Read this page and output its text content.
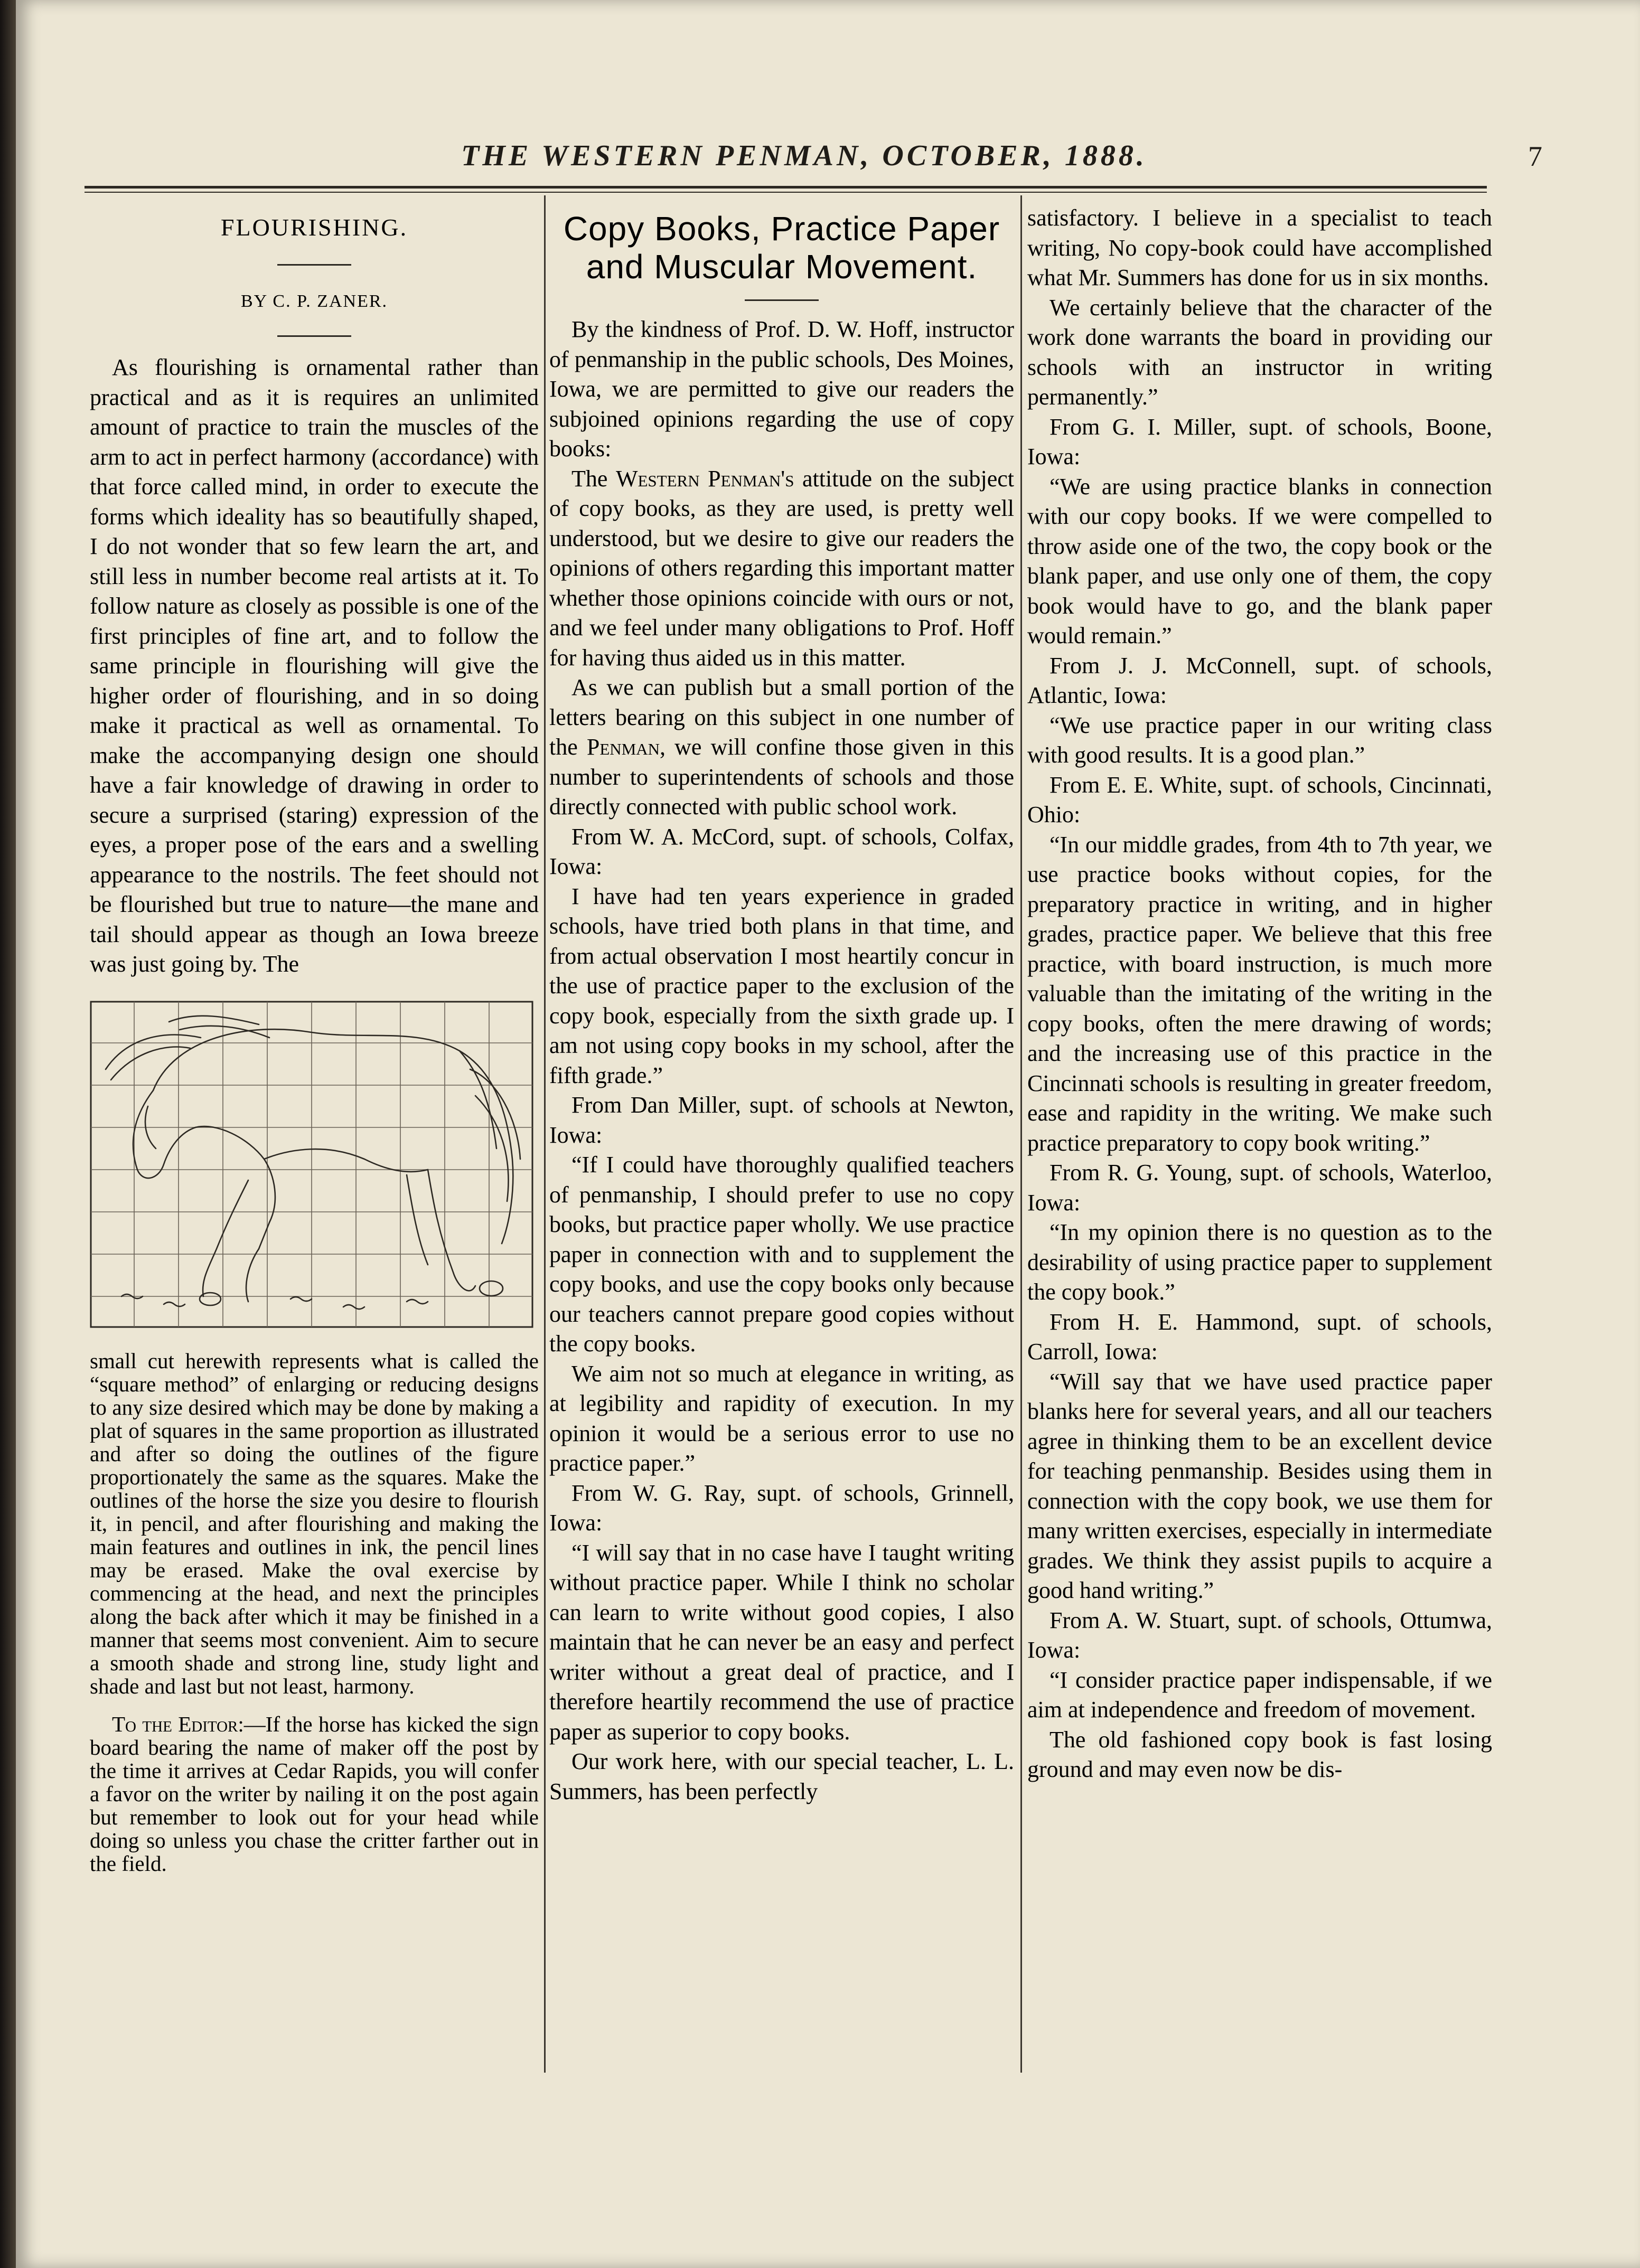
THE WESTERN PENMAN, OCTOBER, 1888.	7
FLOURISHING.
BY C. P. ZANER.

As flourishing is ornamental rather than practical and as it is requires an unlimited amount of practice to train the muscles of the arm to act in perfect harmony (accordance) with that force called mind, in order to execute the forms which ideality has so beautifully shaped, I do not wonder that so few learn the art, and still less in number become real artists at it. To follow nature as closely as possible is one of the first principles of fine art, and to follow the same principle in flourishing will give the higher order of flourishing, and in so doing make it practical as well as ornamental. To make the accompanying design one should have a fair knowledge of drawing in order to secure a surprised (staring) expression of the eyes, a proper pose of the ears and a swelling appearance to the nostrils. The feet should not be flourished but true to nature—the mane and tail should appear as though an Iowa breeze was just going by. The

small cut herewith represents what is called the “square method” of enlarging or reducing designs to any size desired which may be done by making a plat of squares in the same proportion as illustrated and after so doing the outlines of the figure proportionately the same as the squares. Make the outlines of the horse the size you desire to flourish it, in pencil, and after flourishing and making the main features and outlines in ink, the pencil lines may be erased. Make the oval exercise by commencing at the head, and next the principles along the back after which it may be finished in a manner that seems most convenient. Aim to secure a smooth shade and strong line, study light and shade and last but not least, harmony.

To the Editor:—If the horse has kicked the sign board bearing the name of maker off the post by the time it arrives at Cedar Rapids, you will confer a favor on the writer by nailing it on the post again but remember to look out for your head while doing so unless you chase the critter farther out in the field.

Copy Books, Practice Paper and Muscular Movement.

By the kindness of Prof. D. W. Hoff, instructor of penmanship in the public schools, Des Moines, Iowa, we are permitted to give our readers the subjoined opinions regarding the use of copy books:

The Western Penman's attitude on the subject of copy books, as they are used, is pretty well understood, but we desire to give our readers the opinions of others regarding this important matter whether those opinions coincide with ours or not, and we feel under many obligations to Prof. Hoff for having thus aided us in this matter.

As we can publish but a small portion of the letters bearing on this subject in one number of the Penman, we will confine those given in this number to superintendents of schools and those directly connected with public school work.

From W. A. McCord, supt. of schools, Colfax, Iowa:

I have had ten years experience in graded schools, have tried both plans in that time, and from actual observation I most heartily concur in the use of practice paper to the exclusion of the copy book, especially from the sixth grade up. I am not using copy books in my school, after the fifth grade.”

From Dan Miller, supt. of schools at Newton, Iowa:

“If I could have thoroughly qualified teachers of penmanship, I should prefer to use no copy books, but practice paper wholly. We use practice paper in connection with and to supplement the copy books, and use the copy books only because our teachers cannot prepare good copies without the copy books.

We aim not so much at elegance in writing, as at legibility and rapidity of execution. In my opinion it would be a serious error to use no practice paper.”

From W. G. Ray, supt. of schools, Grinnell, Iowa:

“I will say that in no case have I taught writing without practice paper. While I think no scholar can learn to write without good copies, I also maintain that he can never be an easy and perfect writer without a great deal of practice, and I therefore heartily recommend the use of practice paper as superior to copy books.

Our work here, with our special teacher, L. L. Summers, has been perfectly

satisfactory. I believe in a specialist to teach writing, No copy-book could have accomplished what Mr. Summers has done for us in six months.

We certainly believe that the character of the work done warrants the board in providing our schools with an instructor in writing permanently.”

From G. I. Miller, supt. of schools, Boone, Iowa:

“We are using practice blanks in connection with our copy books. If we were compelled to throw aside one of the two, the copy book or the blank paper, and use only one of them, the copy book would have to go, and the blank paper would remain.”

From J. J. McConnell, supt. of schools, Atlantic, Iowa:

“We use practice paper in our writing class with good results. It is a good plan.”

From E. E. White, supt. of schools, Cincinnati, Ohio:

“In our middle grades, from 4th to 7th year, we use practice books without copies, for the preparatory practice in writing, and in higher grades, practice paper. We believe that this free practice, with board instruction, is much more valuable than the imitating of the writing in the copy books, often the mere drawing of words; and the increasing use of this practice in the Cincinnati schools is resulting in greater freedom, ease and rapidity in the writing. We make such practice preparatory to copy book writing.”

From R. G. Young, supt. of schools, Waterloo, Iowa:

“In my opinion there is no question as to the desirability of using practice paper to supplement the copy book.”

From H. E. Hammond, supt. of schools, Carroll, Iowa:

“Will say that we have used practice paper blanks here for several years, and all our teachers agree in thinking them to be an excellent device for teaching penmanship. Besides using them in connection with the copy book, we use them for many written exercises, especially in intermediate grades. We think they assist pupils to acquire a good hand writing.”

From A. W. Stuart, supt. of schools, Ottumwa, Iowa:

“I consider practice paper indispensable, if we aim at independence and freedom of movement.

The old fashioned copy book is fast losing ground and may even now be dis-
